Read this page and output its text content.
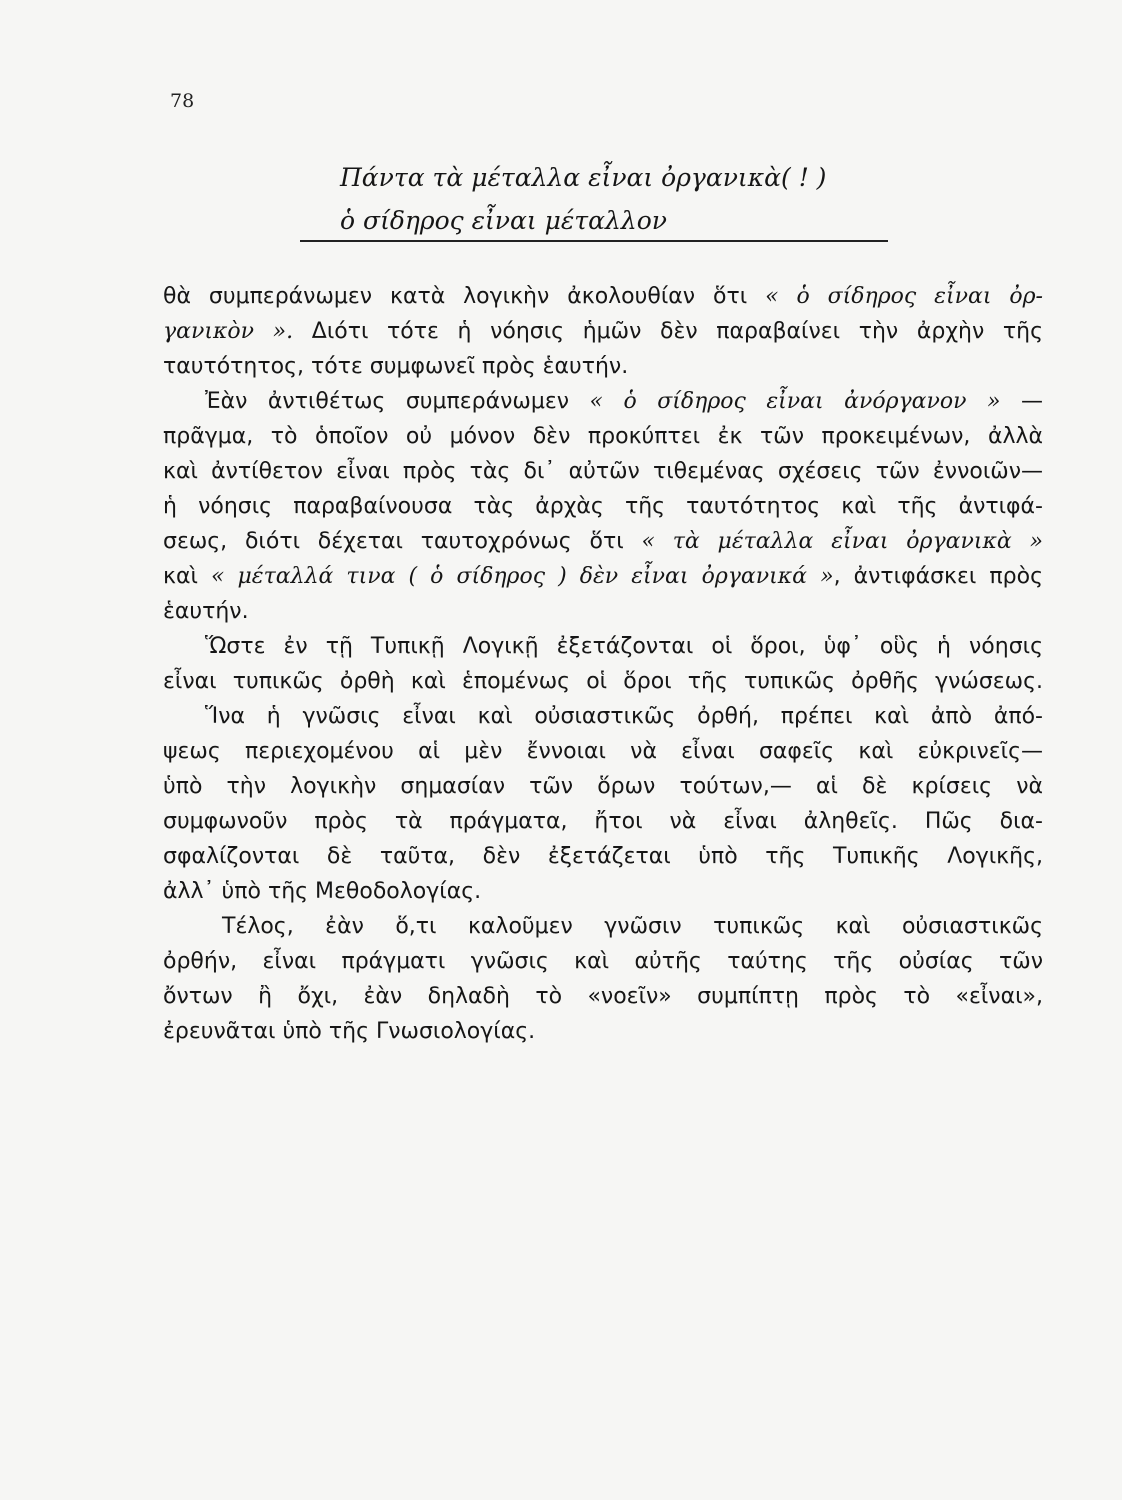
78
Πάντα τὰ μέταλλα εἶναι ὀργανικὰ( ! )
ὁ σίδηρος εἶναι μέταλλον
θὰ συμπεράνωμεν κατὰ λογικὴν ἀκολουθίαν ὅτι « ὁ σίδηρος εἶναι ὀρ-
γανικὸν ». Διότι τότε ἡ νόησις ἡμῶν δὲν παραβαίνει τὴν ἀρχὴν τῆς
ταυτότητος, τότε συμφωνεῖ πρὸς ἑαυτήν.
Ἐὰν ἀντιθέτως συμπεράνωμεν « ὁ σίδηρος εἶναι ἀνόργανον » —
πρᾶγμα, τὸ ὁποῖον οὐ μόνον δὲν προκύπτει ἐκ τῶν προκειμένων, ἀλλὰ
καὶ ἀντίθετον εἶναι πρὸς τὰς δι᾽ αὐτῶν τιθεμένας σχέσεις τῶν ἐννοιῶν—
ἡ νόησις παραβαίνουσα τὰς ἀρχὰς τῆς ταυτότητος καὶ τῆς ἀντιφά-
σεως, διότι δέχεται ταυτοχρόνως ὅτι « τὰ μέταλλα εἶναι ὀργανικὰ »
καὶ « μέταλλά τινα ( ὁ σίδηρος ) δὲν εἶναι ὀργανικά », ἀντιφάσκει πρὸς
ἑαυτήν.
Ὥστε ἐν τῇ Τυπικῇ Λογικῇ ἐξετάζονται οἱ ὅροι, ὑφ᾽ οὓς ἡ νόησις
εἶναι τυπικῶς ὀρθὴ καὶ ἑπομένως οἱ ὅροι τῆς τυπικῶς ὀρθῆς γνώσεως.
Ἵνα ἡ γνῶσις εἶναι καὶ οὐσιαστικῶς ὀρθή, πρέπει καὶ ἀπὸ ἀπό-
ψεως περιεχομένου αἱ μὲν ἔννοιαι νὰ εἶναι σαφεῖς καὶ εὐκρινεῖς—
ὑπὸ τὴν λογικὴν σημασίαν τῶν ὅρων τούτων,— αἱ δὲ κρίσεις νὰ
συμφωνοῦν πρὸς τὰ πράγματα, ἤτοι νὰ εἶναι ἀληθεῖς. Πῶς δια-
σφαλίζονται δὲ ταῦτα, δὲν ἐξετάζεται ὑπὸ τῆς Τυπικῆς Λογικῆς,
ἀλλ᾽ ὑπὸ τῆς Μεθοδολογίας.
Τέλος, ἐὰν ὅ,τι καλοῦμεν γνῶσιν τυπικῶς καὶ οὐσιαστικῶς
ὀρθήν, εἶναι πράγματι γνῶσις καὶ αὐτῆς ταύτης τῆς οὐσίας τῶν
ὄντων ἢ ὄχι, ἐὰν δηλαδὴ τὸ «νοεῖν» συμπίπτῃ πρὸς τὸ «εἶναι»,
ἐρευνᾶται ὑπὸ τῆς Γνωσιολογίας.
